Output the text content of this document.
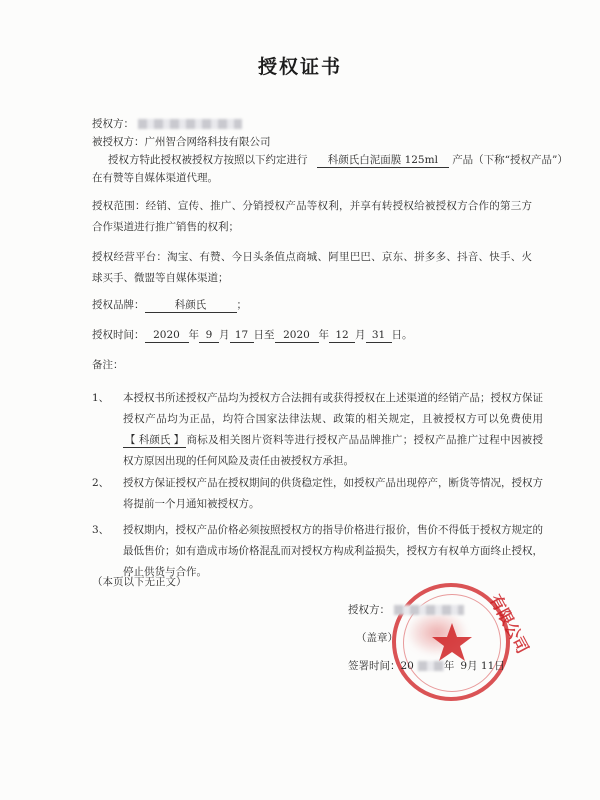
授权证书
授权方：
被授权方：广州智合网络科技有限公司
授权方特此授权被授权方按照以下约定进行 科颜氏白泥面膜 125ml 产品（下称“授权产品”）
在有赞等自媒体渠道代理。
授权范围：经销、宣传、推广、分销授权产品等权利，并享有转授权给被授权方合作的第三方合作渠道进行推广销售的权利；
授权经营平台：淘宝、有赞、今日头条值点商城、阿里巴巴、京东、拼多多、抖音、快手、火球买手、微盟等自媒体渠道；
授权品牌：	科颜氏	；
授权时间： 2020 年 9 月 17 日至 2020 年 12 月 31 日。
备注：
1、 本授权书所述授权产品均为授权方合法拥有或获得授权在上述渠道的经销产品；授权方保证授权产品均为正品，均符合国家法律法规、政策的相关规定，且被授权方可以免费使用【 科颜氏 】 商标及相关图片资料等进行授权产品品牌推广；授权产品推广过程中因被授权方原因出现的任何风险及责任由被授权方承担。
2、 授权方保证授权产品在授权期间的供货稳定性，如授权产品出现停产，断货等情况，授权方将提前一个月通知被授权方。
3、 授权期内，授权产品价格必须按照授权方的指导价格进行报价，售价不得低于授权方规定的最低售价；如有造成市场价格混乱而对授权方构成利益损失，授权方有权单方面终止授权，停止供货与合作。
（本页以下无正文）
有限公司
授权方：
（盖章）
签署时间：20	年 9月 11日
